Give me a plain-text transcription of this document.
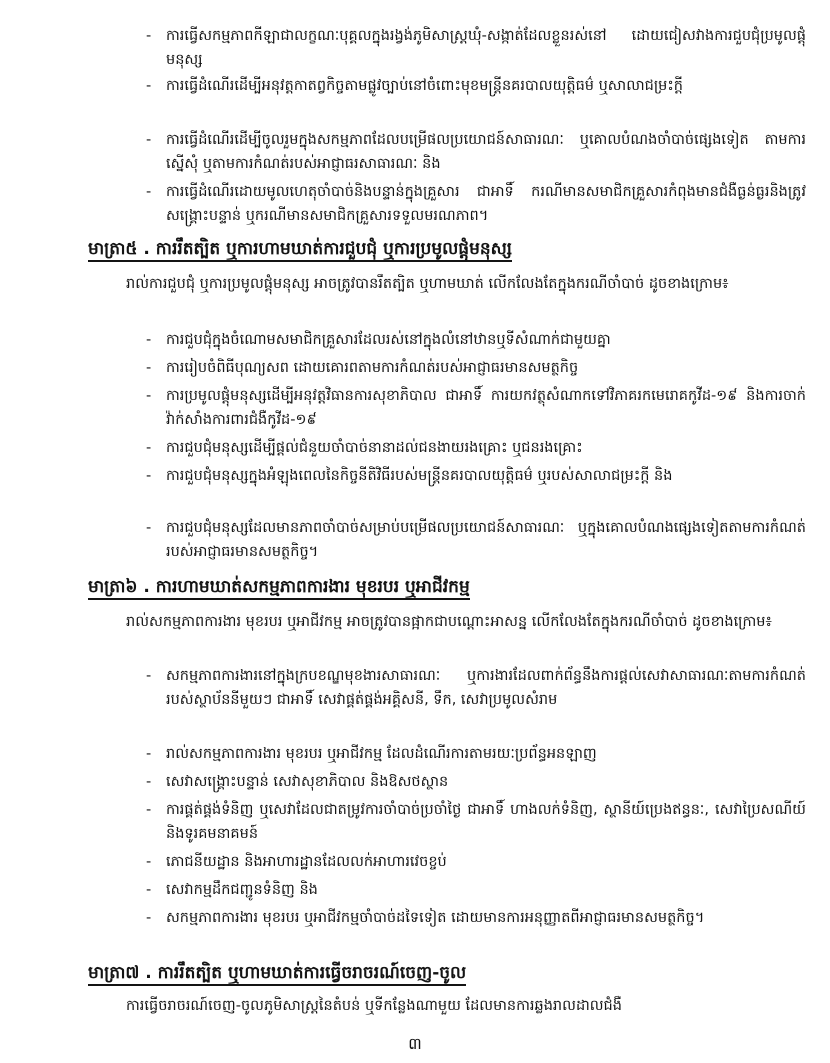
-	ការធ្វើសកម្មភាពកីឡាជាលក្ខណៈបុគ្គលក្នុងរង្វង់ភូមិសាស្រ្តឃុំ-សង្កាត់ដែលខ្លួនរស់នៅ ដោយជៀសវាងការជួបជុំប្រមូលផ្តុំមនុស្ស
-	ការធ្វើដំណើរដើម្បីអនុវត្តកាតព្វកិច្ចតាមផ្លូវច្បាប់នៅចំពោះមុខមន្រ្តីនគរបាលយុត្តិធម៌ ឬសាលាជម្រះក្តី
-	ការធ្វើដំណើរដើម្បីចូលរួមក្នុងសកម្មភាពដែលបម្រើផលប្រយោជន៍សាធារណៈ ឬគោលបំណងចាំបាច់ផ្សេងទៀត តាមការស្នើសុំ ឬតាមការកំណត់របស់អាជ្ញាធរសាធារណៈ និង
-	ការធ្វើដំណើរដោយមូលហេតុចាំបាច់និងបន្ទាន់ក្នុងគ្រួសារ ជាអាទិ៍ ករណីមានសមាជិកគ្រួសារកំពុងមានជំងឺធ្ងន់ធ្ងរនិងត្រូវសង្គ្រោះបន្ទាន់ ឬករណីមានសមាជិកគ្រួសារទទួលមរណភាព។
មាត្រា៥ . ការរឹតត្បិត ឬការហាមឃាត់ការជួបជុំ ឬការប្រមូលផ្តុំមនុស្ស
រាល់ការជួបជុំ ឬការប្រមូលផ្តុំមនុស្ស អាចត្រូវបានរឹតត្បិត ឬហាមឃាត់ លើកលែងតែក្នុងករណីចាំបាច់ ដូចខាងក្រោម៖
-	ការជួបជុំក្នុងចំណោមសមាជិកគ្រួសារដែលរស់នៅក្នុងលំនៅឋានឬទីសំណាក់ជាមួយគ្នា
-	ការរៀបចំពិធីបុណ្យសព ដោយគោរពតាមការកំណត់របស់អាជ្ញាធរមានសមត្ថកិច្ច
-	ការប្រមូលផ្តុំមនុស្សដើម្បីអនុវត្តវិធានការសុខាភិបាល ជាអាទិ៍ ការយកវត្ថុសំណាកទៅវិភាគរកមេរោគកូវីដ-១៩ និងការចាក់វ៉ាក់សាំងការពារជំងឺកូវីដ-១៩
-	ការជួបជុំមនុស្សដើម្បីផ្តល់ជំនួយចាំបាច់នានាដល់ជនងាយរងគ្រោះ ឬជនរងគ្រោះ
-	ការជួបជុំមនុស្សក្នុងអំឡុងពេលនៃកិច្ចនីតិវិធីរបស់មន្រ្តីនគរបាលយុត្តិធម៌ ឬរបស់សាលាជម្រះក្តី និង
-	ការជួបជុំមនុស្សដែលមានភាពចាំបាច់សម្រាប់បម្រើផលប្រយោជន៍សាធារណៈ ឬក្នុងគោលបំណងផ្សេងទៀតតាមការកំណត់របស់អាជ្ញាធរមានសមត្ថកិច្ច។
មាត្រា៦ . ការហាមឃាត់សកម្មភាពការងារ មុខរបរ ឬអាជីវកម្ម
រាល់សកម្មភាពការងារ មុខរបរ ឬអាជីវកម្ម អាចត្រូវបានផ្អាកជាបណ្តោះអាសន្ន លើកលែងតែក្នុងករណីចាំបាច់ ដូចខាងក្រោម៖
-	សកម្មភាពការងារនៅក្នុងក្របខណ្ឌមុខងារសាធារណៈ ឬការងារដែលពាក់ព័ន្ធនឹងការផ្តល់សេវាសាធារណៈតាមការកំណត់របស់ស្ថាប័ននីមួយៗ ជាអាទិ៍ សេវាផ្គត់ផ្គង់អគ្គិសនី, ទឹក, សេវាប្រមូលសំរាម
-	រាល់សកម្មភាពការងារ មុខរបរ ឬអាជីវកម្ម ដែលដំណើរការតាមរយៈប្រព័ន្ធអនឡាញ
-	សេវាសង្គ្រោះបន្ទាន់ សេវាសុខាភិបាល និងឱសថស្ថាន
-	ការផ្គត់ផ្គង់ទំនិញ ឬសេវាដែលជាតម្រូវការចាំបាច់ប្រចាំថ្ងៃ ជាអាទិ៍ ហាងលក់ទំនិញ, ស្ថានីយ៍ប្រេងឥន្ធនៈ, សេវាប្រៃសណីយ៍ និងទូរគមនាគមន៍
-	ភោជនីយដ្ឋាន និងអាហារដ្ឋានដែលលក់អាហារវេចខ្ចប់
-	សេវាកម្មដឹកជញ្ជូនទំនិញ និង
-	សកម្មភាពការងារ មុខរបរ ឬអាជីវកម្មចាំបាច់ដទៃទៀត ដោយមានការអនុញ្ញាតពីអាជ្ញាធរមានសមត្ថកិច្ច។
មាត្រា៧ . ការរឹតត្បិត ឬហាមឃាត់ការធ្វើចរាចរណ៍ចេញ-ចូល
ការធ្វើចរាចរណ៍ចេញ-ចូលភូមិសាស្រ្តនៃតំបន់ ឬទីកន្លែងណាមួយ ដែលមានការឆ្លងរាលដាលជំងឺ
៣
